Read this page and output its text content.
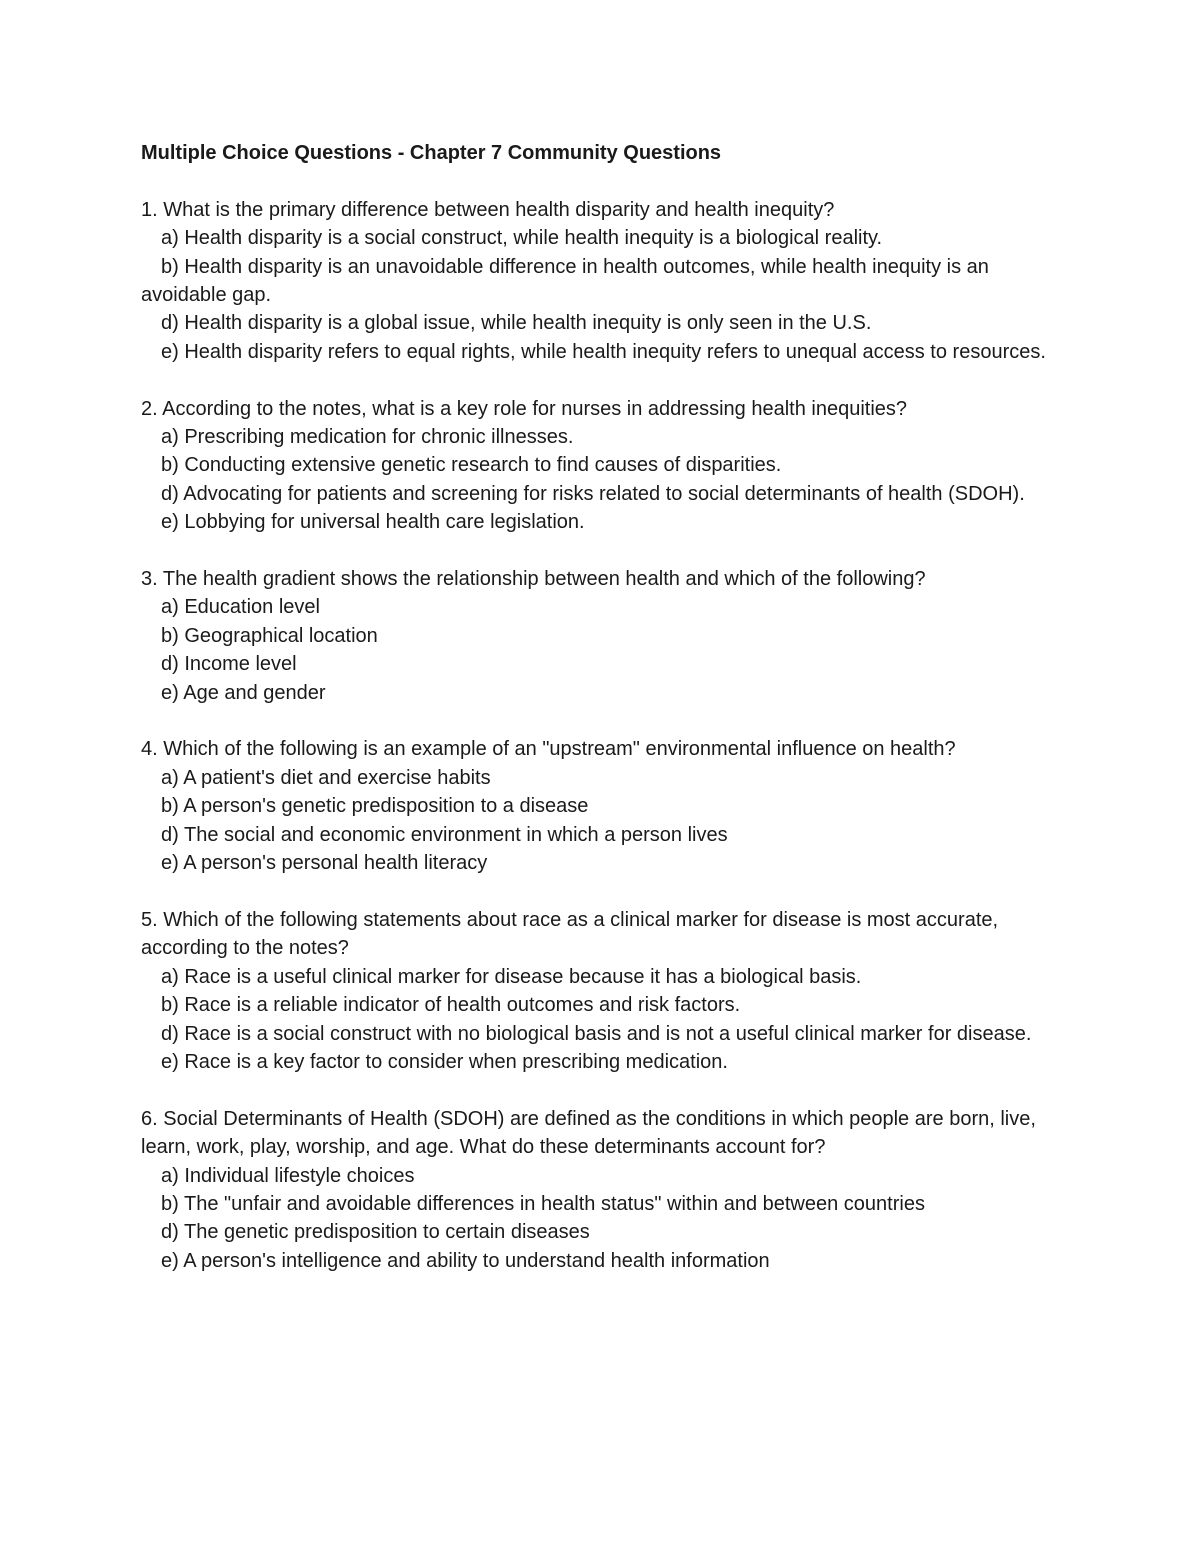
Multiple Choice Questions - Chapter 7 Community Questions

1. What is the primary difference between health disparity and health inequity?

a) Health disparity is a social construct, while health inequity is a biological reality.

b) Health disparity is an unavoidable difference in health outcomes, while health inequity is an avoidable gap.

d) Health disparity is a global issue, while health inequity is only seen in the U.S.

e) Health disparity refers to equal rights, while health inequity refers to unequal access to resources.

2. According to the notes, what is a key role for nurses in addressing health inequities?

a) Prescribing medication for chronic illnesses.

b) Conducting extensive genetic research to find causes of disparities.

d) Advocating for patients and screening for risks related to social determinants of health (SDOH).

e) Lobbying for universal health care legislation.

3. The health gradient shows the relationship between health and which of the following?

a) Education level

b) Geographical location

d) Income level

e) Age and gender

4. Which of the following is an example of an "upstream" environmental influence on health?

a) A patient's diet and exercise habits

b) A person's genetic predisposition to a disease

d) The social and economic environment in which a person lives

e) A person's personal health literacy

5. Which of the following statements about race as a clinical marker for disease is most accurate, according to the notes?

a) Race is a useful clinical marker for disease because it has a biological basis.

b) Race is a reliable indicator of health outcomes and risk factors.

d) Race is a social construct with no biological basis and is not a useful clinical marker for disease.

e) Race is a key factor to consider when prescribing medication.

6. Social Determinants of Health (SDOH) are defined as the conditions in which people are born, live, learn, work, play, worship, and age. What do these determinants account for?

a) Individual lifestyle choices

b) The "unfair and avoidable differences in health status" within and between countries

d) The genetic predisposition to certain diseases

e) A person's intelligence and ability to understand health information
